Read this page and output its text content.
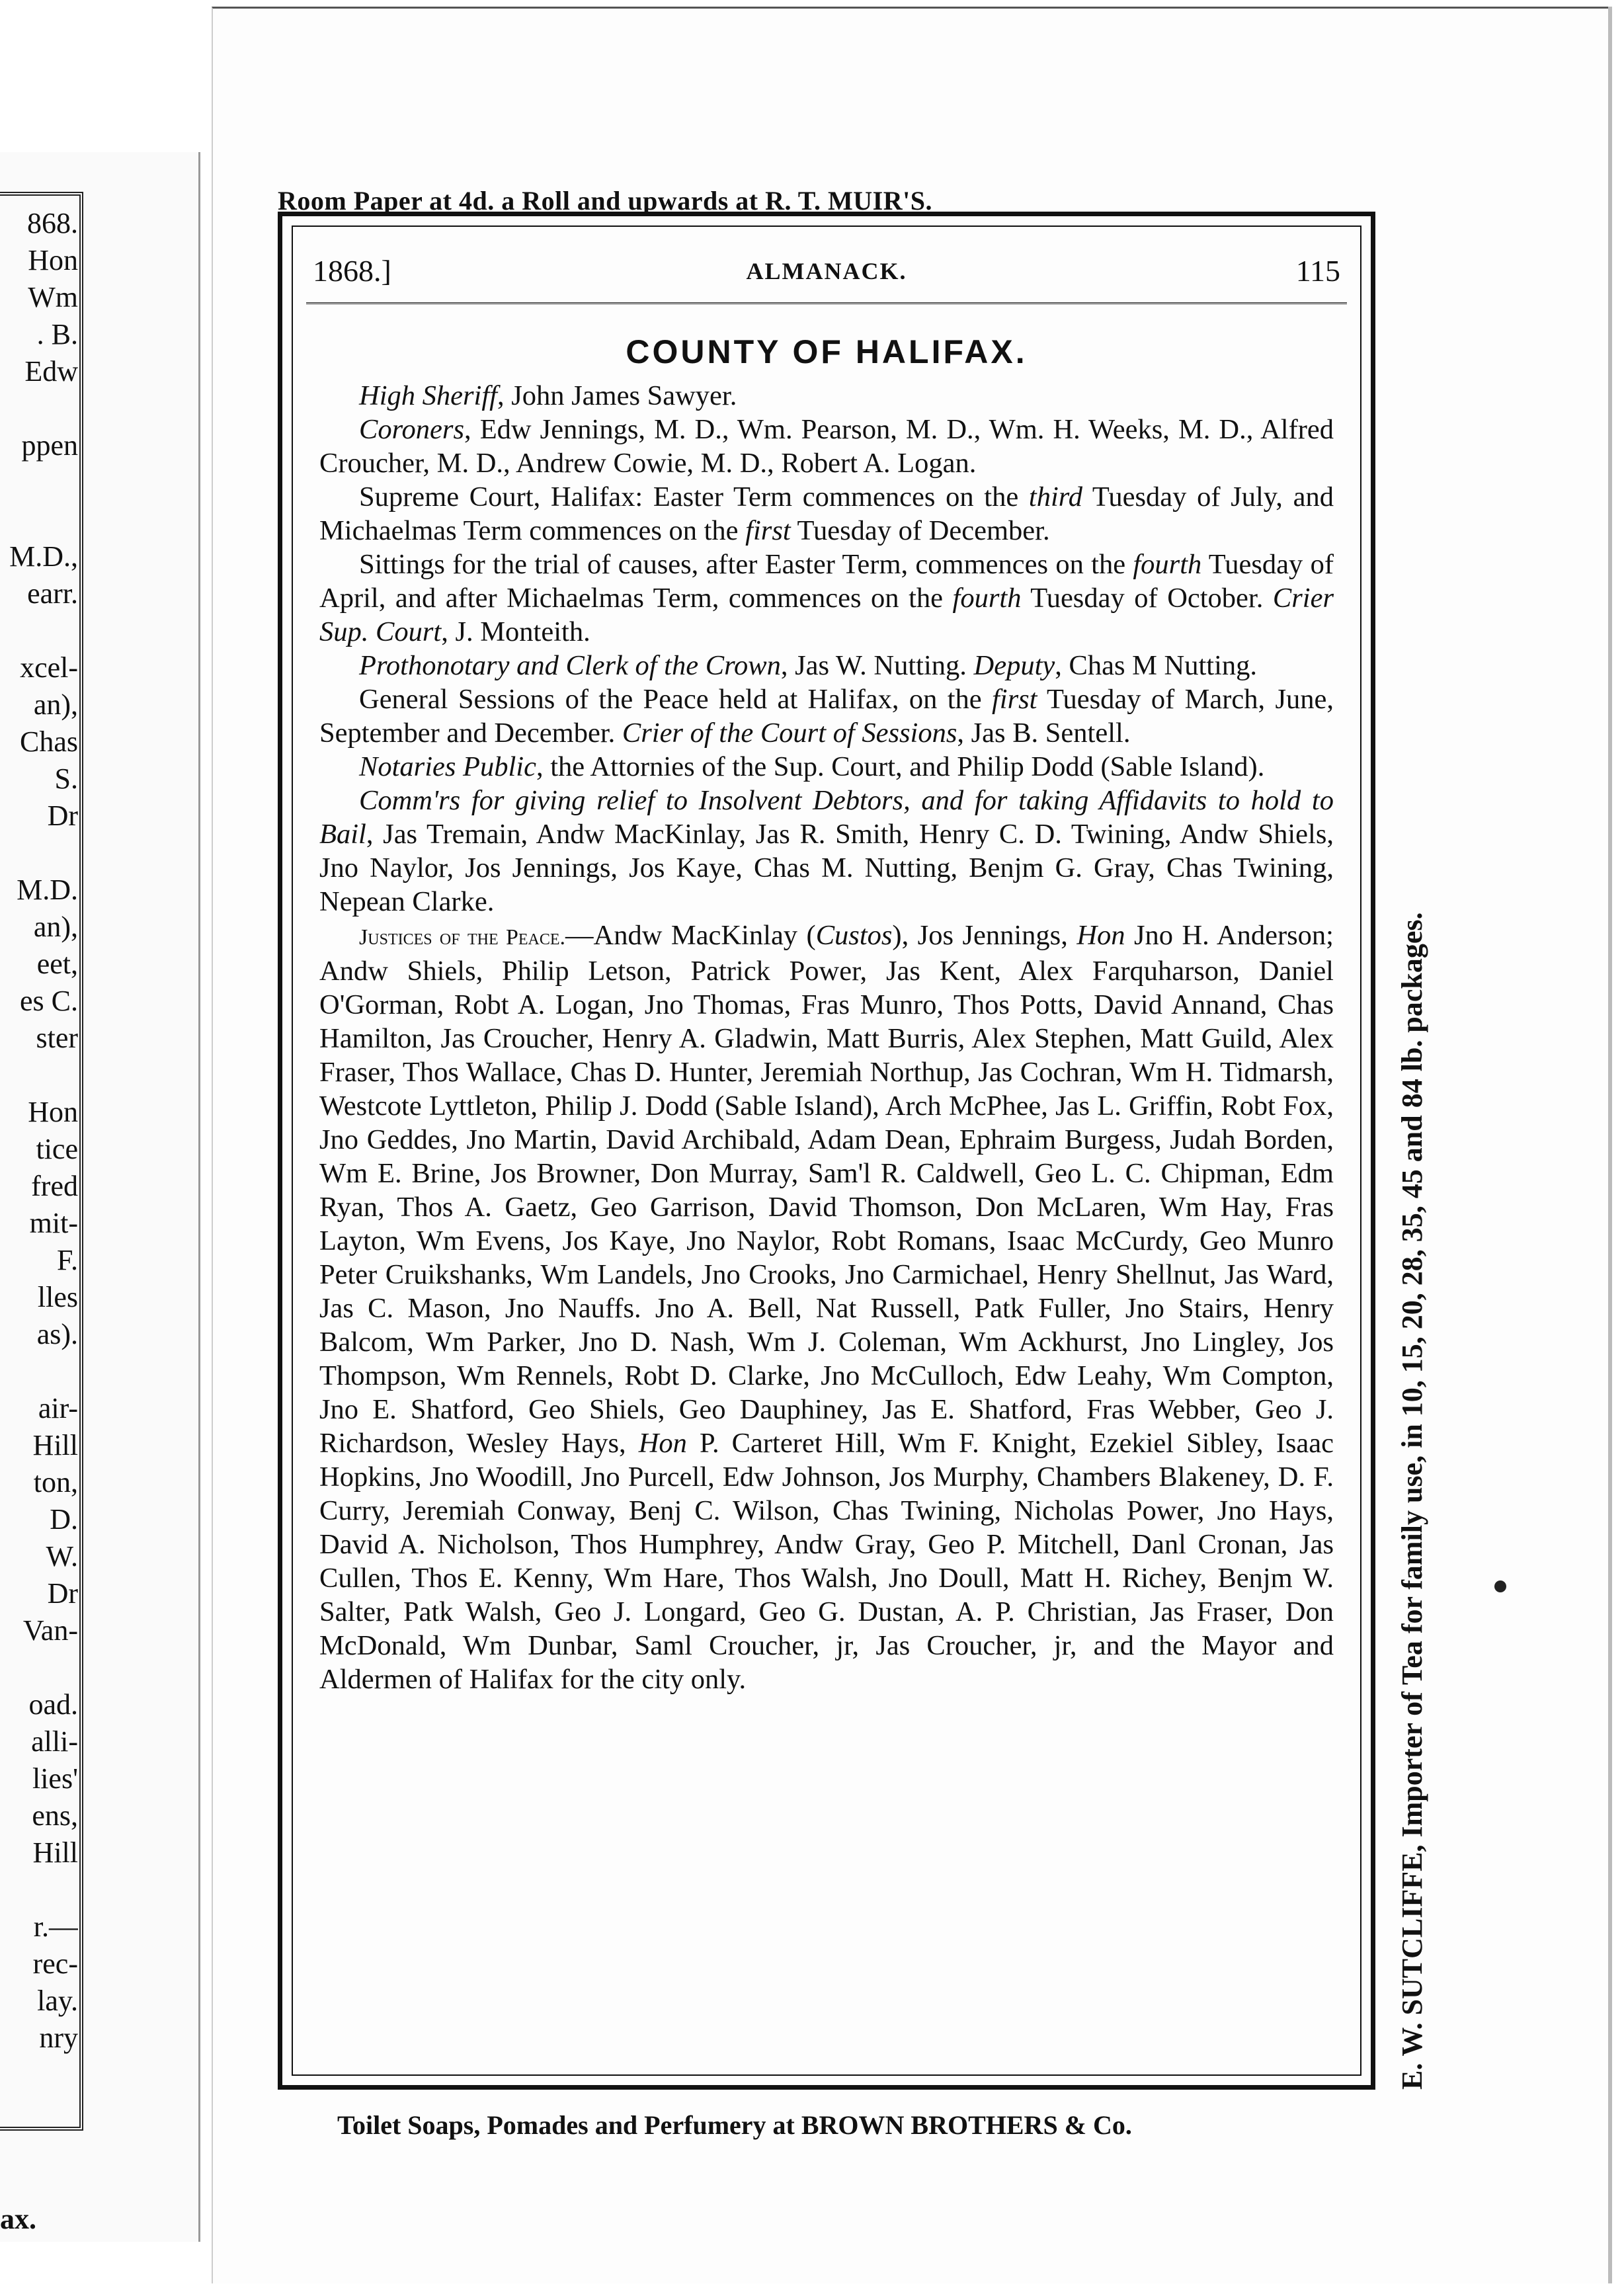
868.
Hon
Wm
. B.
Edw
ppen
M.D.,
earr.
xcel-
an),
Chas
S.
Dr
M.D.
an),
eet,
es C.
ster
Hon
tice
fred
mit-
F.
lles
as).
air-
Hill
ton,
D.
W.
Dr
Van-
oad.
alli-
lies'
ens,
Hill
r.—
rec-
lay.
nry
ax.
Room Paper at 4d. a Roll and upwards at R. T. MUIR'S.
1868.]	ALMANACK.	115
COUNTY OF HALIFAX.

High Sheriff, John James Sawyer.

Coroners, Edw Jennings, M. D., Wm. Pearson, M. D., Wm. H. Weeks, M. D., Alfred Croucher, M. D., Andrew Cowie, M. D., Robert A. Logan.

Supreme Court, Halifax: Easter Term commences on the third Tuesday of July, and Michaelmas Term commences on the first Tuesday of December.

Sittings for the trial of causes, after Easter Term, commences on the fourth Tuesday of April, and after Michaelmas Term, commences on the fourth Tuesday of October. Crier Sup. Court, J. Monteith.

Prothonotary and Clerk of the Crown, Jas W. Nutting. Deputy, Chas M Nutting.

General Sessions of the Peace held at Halifax, on the first Tuesday of March, June, September and December. Crier of the Court of Sessions, Jas B. Sentell.

Notaries Public, the Attornies of the Sup. Court, and Philip Dodd (Sable Island).

Comm'rs for giving relief to Insolvent Debtors, and for taking Affidavits to hold to Bail, Jas Tremain, Andw MacKinlay, Jas R. Smith, Henry C. D. Twining, Andw Shiels, Jno Naylor, Jos Jennings, Jos Kaye, Chas M. Nutting, Benjm G. Gray, Chas Twining, Nepean Clarke.

Justices of the Peace.—Andw MacKinlay (Custos), Jos Jennings, Hon Jno H. Anderson; Andw Shiels, Philip Letson, Patrick Power, Jas Kent, Alex Farquharson, Daniel O'Gorman, Robt A. Logan, Jno Thomas, Fras Munro, Thos Potts, David Annand, Chas Hamilton, Jas Croucher, Henry A. Gladwin, Matt Burris, Alex Stephen, Matt Guild, Alex Fraser, Thos Wallace, Chas D. Hunter, Jeremiah Northup, Jas Cochran, Wm H. Tidmarsh, Westcote Lyttleton, Philip J. Dodd (Sable Island), Arch McPhee, Jas L. Griffin, Robt Fox, Jno Geddes, Jno Martin, David Archibald, Adam Dean, Ephraim Burgess, Judah Borden, Wm E. Brine, Jos Browner, Don Murray, Sam'l R. Caldwell, Geo L. C. Chipman, Edm Ryan, Thos A. Gaetz, Geo Garrison, David Thomson, Don McLaren, Wm Hay, Fras Layton, Wm Evens, Jos Kaye, Jno Naylor, Robt Romans, Isaac McCurdy, Geo Munro Peter Cruikshanks, Wm Landels, Jno Crooks, Jno Carmichael, Henry Shellnut, Jas Ward, Jas C. Mason, Jno Nauffs. Jno A. Bell, Nat Russell, Patk Fuller, Jno Stairs, Henry Balcom, Wm Parker, Jno D. Nash, Wm J. Coleman, Wm Ackhurst, Jno Lingley, Jos Thompson, Wm Rennels, Robt D. Clarke, Jno McCulloch, Edw Leahy, Wm Compton, Jno E. Shatford, Geo Shiels, Geo Dauphiney, Jas E. Shatford, Fras Webber, Geo J. Richardson, Wesley Hays, Hon P. Carteret Hill, Wm F. Knight, Ezekiel Sibley, Isaac Hopkins, Jno Woodill, Jno Purcell, Edw Johnson, Jos Murphy, Chambers Blakeney, D. F. Curry, Jeremiah Conway, Benj C. Wilson, Chas Twining, Nicholas Power, Jno Hays, David A. Nicholson, Thos Humphrey, Andw Gray, Geo P. Mitchell, Danl Cronan, Jas Cullen, Thos E. Kenny, Wm Hare, Thos Walsh, Jno Doull, Matt H. Richey, Benjm W. Salter, Patk Walsh, Geo J. Longard, Geo G. Dustan, A. P. Christian, Jas Fraser, Don McDonald, Wm Dunbar, Saml Croucher, jr, Jas Croucher, jr, and the Mayor and Aldermen of Halifax for the city only.	E. W. SUTCLIFFE, Importer of Tea for family use, in 10, 15, 20, 28, 35, 45 and 84 lb. packages.
Toilet Soaps, Pomades and Perfumery at BROWN BROTHERS & Co.
